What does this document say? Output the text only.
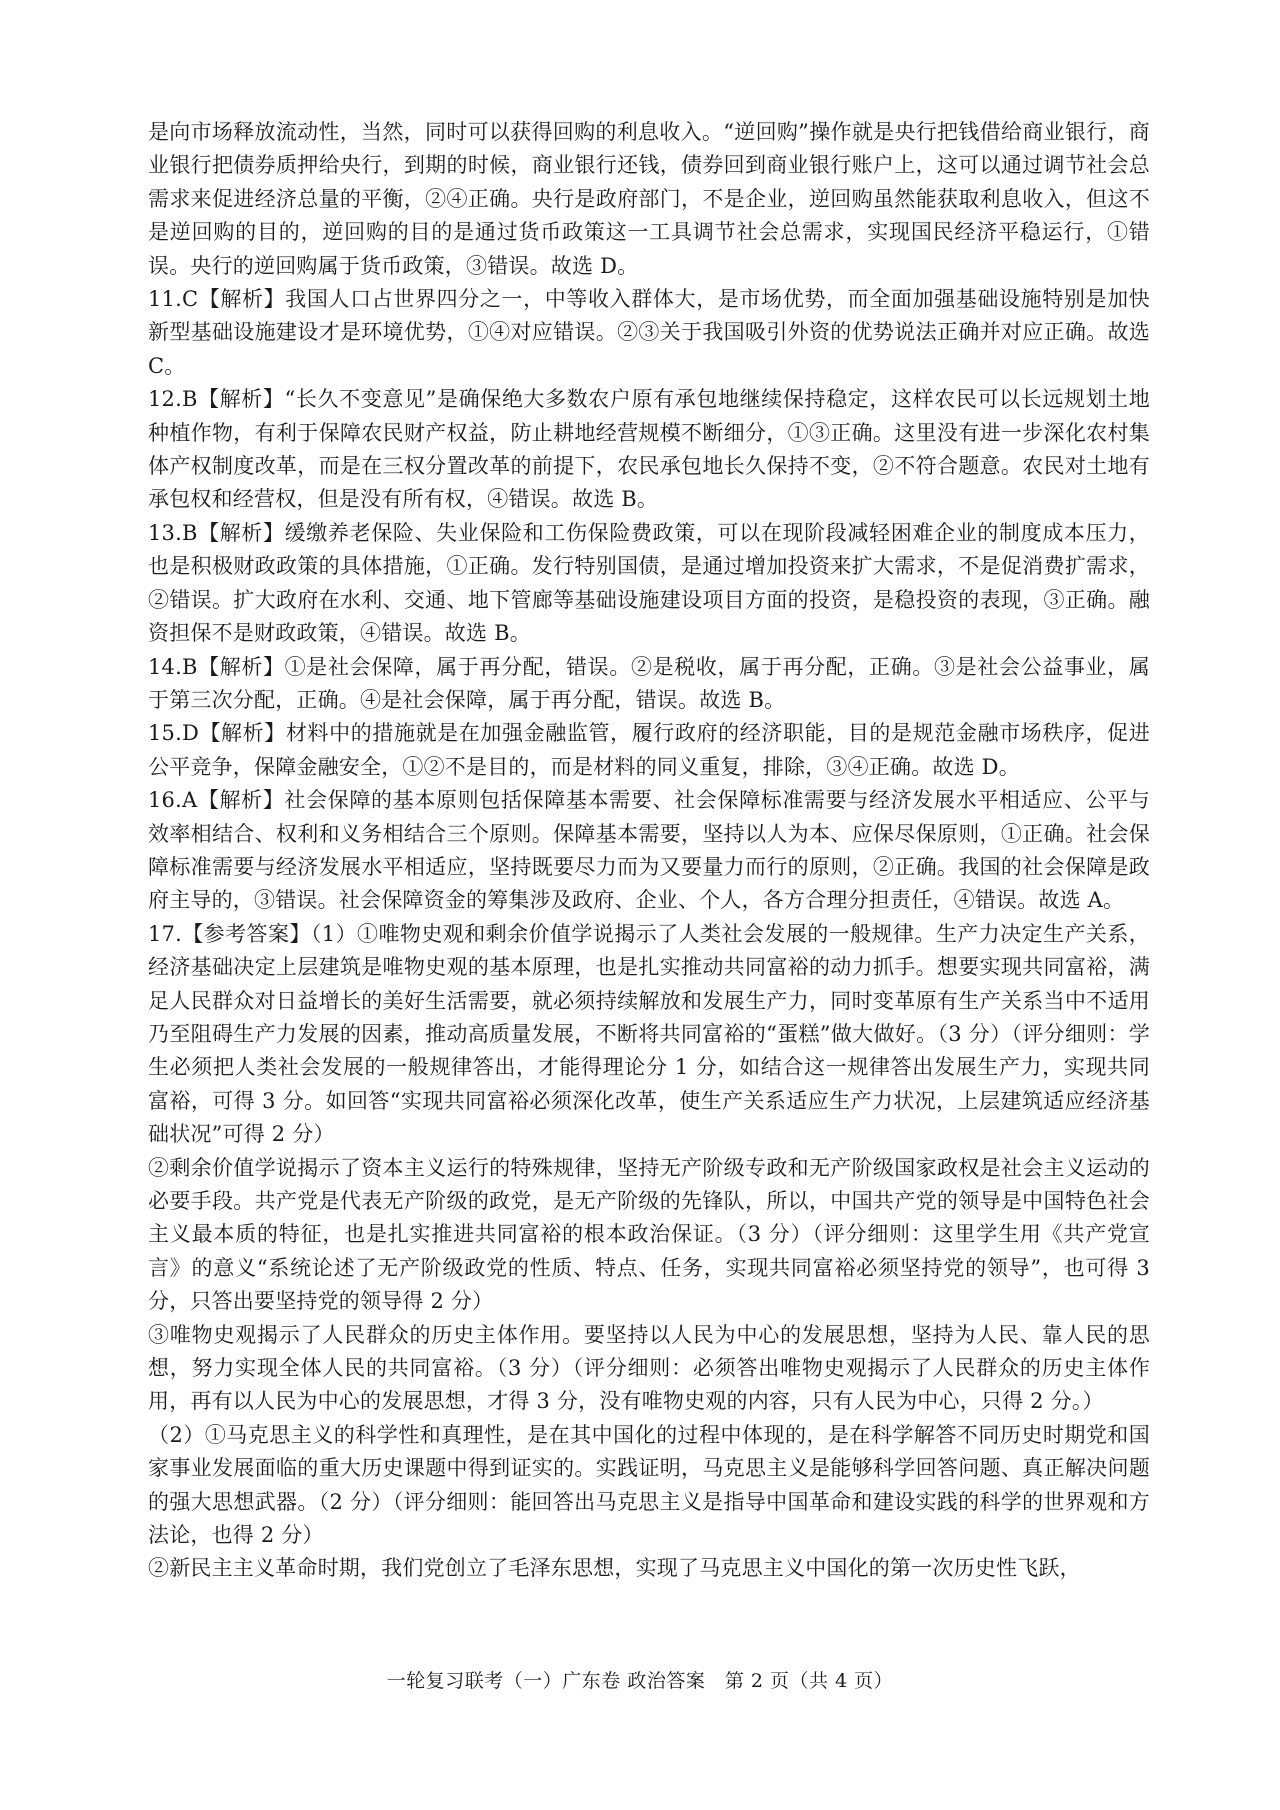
是向市场释放流动性，当然，同时可以获得回购的利息收入。“逆回购”操作就是央行把钱借给商业银行，商业银行把债券质押给央行，到期的时候，商业银行还钱，债券回到商业银行账户上，这可以通过调节社会总需求来促进经济总量的平衡，②④正确。央行是政府部门，不是企业，逆回购虽然能获取利息收入，但这不是逆回购的目的，逆回购的目的是通过货币政策这一工具调节社会总需求，实现国民经济平稳运行，①错误。央行的逆回购属于货币政策，③错误。故选 D。

11.C【解析】我国人口占世界四分之一，中等收入群体大，是市场优势，而全面加强基础设施特别是加快新型基础设施建设才是环境优势，①④对应错误。②③关于我国吸引外资的优势说法正确并对应正确。故选 C。

12.B【解析】“长久不变意见”是确保绝大多数农户原有承包地继续保持稳定，这样农民可以长远规划土地种植作物，有利于保障农民财产权益，防止耕地经营规模不断细分，①③正确。这里没有进一步深化农村集体产权制度改革，而是在三权分置改革的前提下，农民承包地长久保持不变，②不符合题意。农民对土地有承包权和经营权，但是没有所有权，④错误。故选 B。

13.B【解析】缓缴养老保险、失业保险和工伤保险费政策，可以在现阶段减轻困难企业的制度成本压力，也是积极财政政策的具体措施，①正确。发行特别国债，是通过增加投资来扩大需求，不是促消费扩需求，②错误。扩大政府在水利、交通、地下管廊等基础设施建设项目方面的投资，是稳投资的表现，③正确。融资担保不是财政政策，④错误。故选 B。

14.B【解析】①是社会保障，属于再分配，错误。②是税收，属于再分配，正确。③是社会公益事业，属于第三次分配，正确。④是社会保障，属于再分配，错误。故选 B。

15.D【解析】材料中的措施就是在加强金融监管，履行政府的经济职能，目的是规范金融市场秩序，促进公平竞争，保障金融安全，①②不是目的，而是材料的同义重复，排除，③④正确。故选 D。

16.A【解析】社会保障的基本原则包括保障基本需要、社会保障标准需要与经济发展水平相适应、公平与效率相结合、权利和义务相结合三个原则。保障基本需要，坚持以人为本、应保尽保原则，①正确。社会保障标准需要与经济发展水平相适应，坚持既要尽力而为又要量力而行的原则，②正确。我国的社会保障是政府主导的，③错误。社会保障资金的筹集涉及政府、企业、个人，各方合理分担责任，④错误。故选 A。

17.【参考答案】（1）①唯物史观和剩余价值学说揭示了人类社会发展的一般规律。生产力决定生产关系，经济基础决定上层建筑是唯物史观的基本原理，也是扎实推动共同富裕的动力抓手。想要实现共同富裕，满足人民群众对日益增长的美好生活需要，就必须持续解放和发展生产力，同时变革原有生产关系当中不适用乃至阻碍生产力发展的因素，推动高质量发展，不断将共同富裕的“蛋糕”做大做好。（3 分）（评分细则：学生必须把人类社会发展的一般规律答出，才能得理论分 1 分，如结合这一规律答出发展生产力，实现共同富裕，可得 3 分。如回答“实现共同富裕必须深化改革，使生产关系适应生产力状况，上层建筑适应经济基础状况”可得 2 分）

②剩余价值学说揭示了资本主义运行的特殊规律，坚持无产阶级专政和无产阶级国家政权是社会主义运动的必要手段。共产党是代表无产阶级的政党，是无产阶级的先锋队，所以，中国共产党的领导是中国特色社会主义最本质的特征，也是扎实推进共同富裕的根本政治保证。（3 分）（评分细则：这里学生用《共产党宣言》的意义“系统论述了无产阶级政党的性质、特点、任务，实现共同富裕必须坚持党的领导”，也可得 3 分，只答出要坚持党的领导得 2 分）

③唯物史观揭示了人民群众的历史主体作用。要坚持以人民为中心的发展思想，坚持为人民、靠人民的思想，努力实现全体人民的共同富裕。（3 分）（评分细则：必须答出唯物史观揭示了人民群众的历史主体作用，再有以人民为中心的发展思想，才得 3 分，没有唯物史观的内容，只有人民为中心，只得 2 分。）

（2）①马克思主义的科学性和真理性，是在其中国化的过程中体现的，是在科学解答不同历史时期党和国家事业发展面临的重大历史课题中得到证实的。实践证明，马克思主义是能够科学回答问题、真正解决问题的强大思想武器。（2 分）（评分细则：能回答出马克思主义是指导中国革命和建设实践的科学的世界观和方法论，也得 2 分）

②新民主主义革命时期，我们党创立了毛泽东思想，实现了马克思主义中国化的第一次历史性飞跃，

一轮复习联考（一）广东卷 政治答案　第 2 页（共 4 页）
